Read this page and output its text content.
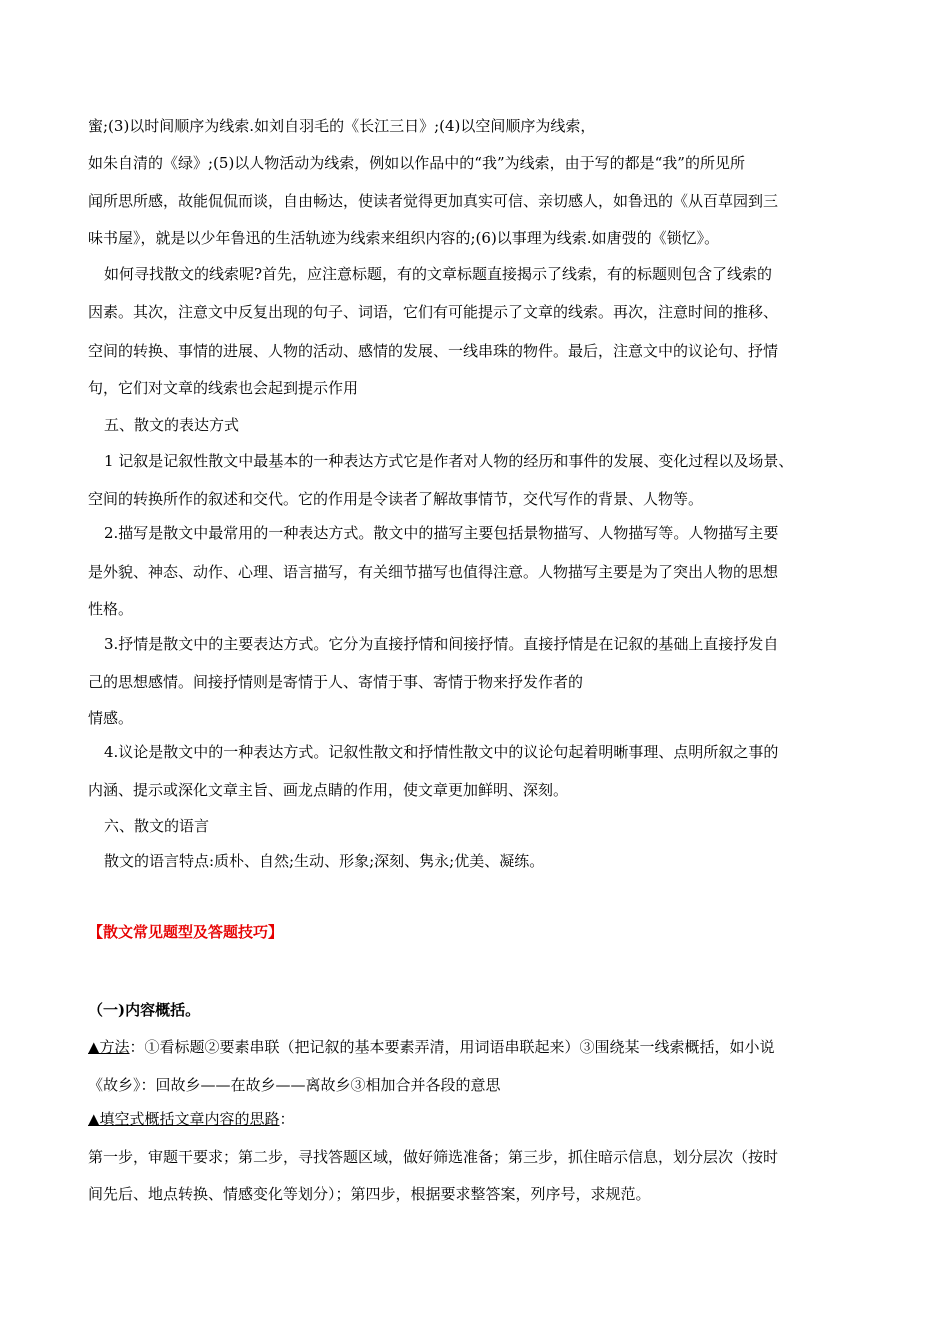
蜜;(3)以时间顺序为线索.如刘自羽毛的《长江三日》;(4)以空间顺序为线索，

如朱自清的《绿》;(5)以人物活动为线索，例如以作品中的“我”为线索，由于写的都是“我”的所见所

闻所思所感，故能侃侃而谈，自由畅达，使读者觉得更加真实可信、亲切感人，如鲁迅的《从百草园到三

味书屋》，就是以少年鲁迅的生活轨迹为线索来组织内容的;(6)以事理为线索.如唐弢的《锁忆》。

如何寻找散文的线索呢?首先，应注意标题，有的文章标题直接揭示了线索，有的标题则包含了线索的

因素。其次，注意文中反复出现的句子、词语，它们有可能提示了文章的线索。再次，注意时间的推移、

空间的转换、事情的进展、人物的活动、感情的发展、一线串珠的物件。最后，注意文中的议论句、抒情

句，它们对文章的线索也会起到提示作用

五、散文的表达方式

1 记叙是记叙性散文中最基本的一种表达方式它是作者对人物的经历和事件的发展、变化过程以及场景、

空间的转换所作的叙述和交代。它的作用是令读者了解故事情节，交代写作的背景、人物等。

2.描写是散文中最常用的一种表达方式。散文中的描写主要包括景物描写、人物描写等。人物描写主要

是外貌、神态、动作、心理、语言描写，有关细节描写也值得注意。人物描写主要是为了突出人物的思想

性格。

3.抒情是散文中的主要表达方式。它分为直接抒情和间接抒情。直接抒情是在记叙的基础上直接抒发自

己的思想感情。间接抒情则是寄情于人、寄情于事、寄情于物来抒发作者的

情感。

4.议论是散文中的一种表达方式。记叙性散文和抒情性散文中的议论句起着明晰事理、点明所叙之事的

内涵、提示或深化文章主旨、画龙点睛的作用，使文章更加鲜明、深刻。

六、散文的语言

散文的语言特点:质朴、自然;生动、形象;深刻、隽永;优美、凝练。

【散文常见题型及答题技巧】

（一)内容概括。

▲方法：①看标题②要素串联（把记叙的基本要素弄清，用词语串联起来）③围绕某一线索概括，如小说

《故乡》：回故乡——在故乡——离故乡③相加合并各段的意思

▲填空式概括文章内容的思路：

第一步，审题干要求；第二步，寻找答题区域，做好筛选准备；第三步，抓住暗示信息，划分层次（按时

间先后、地点转换、情感变化等划分）；第四步，根据要求整答案，列序号，求规范。
